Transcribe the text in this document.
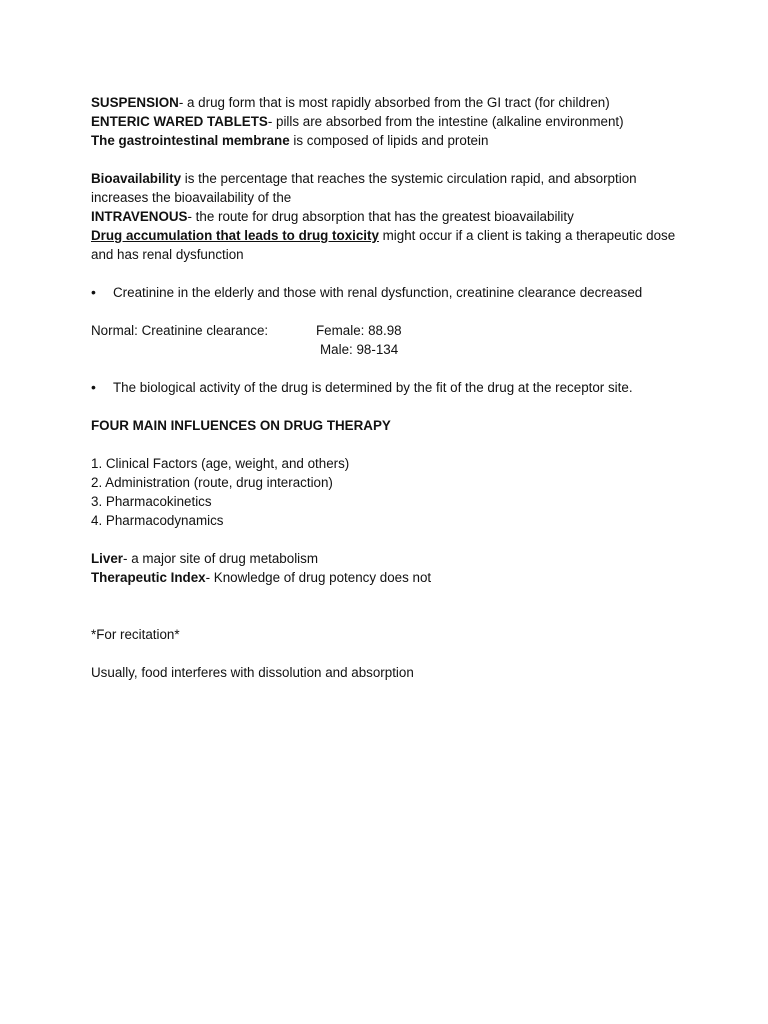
SUSPENSION- a drug form that is most rapidly absorbed from the GI tract (for children)

ENTERIC WARED TABLETS- pills are absorbed from the intestine (alkaline environment)

The gastrointestinal membrane is composed of lipids and protein

Bioavailability is the percentage that reaches the systemic circulation rapid, and absorption increases the bioavailability of the

INTRAVENOUS- the route for drug absorption that has the greatest bioavailability

Drug accumulation that leads to drug toxicity might occur if a client is taking a therapeutic dose and has renal dysfunction

•	Creatinine in the elderly and those with renal dysfunction, creatinine clearance decreased
Normal: Creatinine clearance:	Female: 88.98
Male: 98-134
•	The biological activity of the drug is determined by the fit of the drug at the receptor site.

FOUR MAIN INFLUENCES ON DRUG THERAPY

1. Clinical Factors (age, weight, and others)
2. Administration (route, drug interaction)
3. Pharmacokinetics
4. Pharmacodynamics

Liver- a major site of drug metabolism

Therapeutic Index- Knowledge of drug potency does not

*For recitation*

Usually, food interferes with dissolution and absorption
